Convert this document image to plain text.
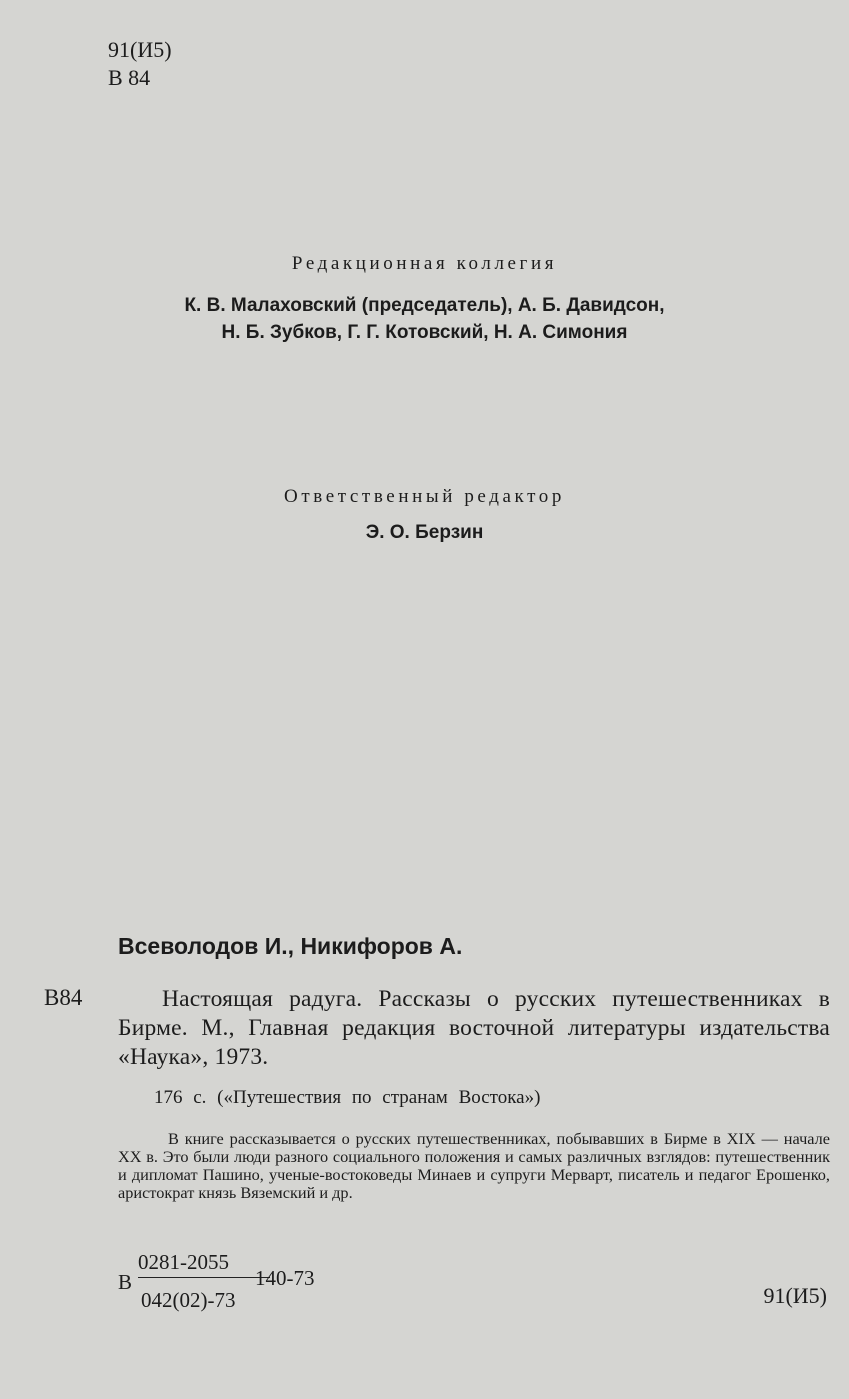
91(И5)
В 84
Редакционная коллегия
К. В. Малаховский (председатель), А. Б. Давидсон,
Н. Б. Зубков, Г. Г. Котовский, Н. А. Симония
Ответственный редактор
Э. О. Берзин
Всеволодов И., Никифоров А.
В84	Настоящая радуга. Рассказы о русских путешественниках в Бирме. М., Главная редакция восточной литературы издательства «Наука», 1973.
176 с. («Путешествия по странам Востока»)
В книге рассказывается о русских путешественниках, побывавших в Бирме в XIX — начале XX в. Это были люди разного социального положения и самых различных взглядов: путешественник и дипломат Пашино, ученые-востоковеды Минаев и супруги Мерварт, писатель и педагог Ерошенко, аристократ князь Вяземский и др.
В
0281-2055
042(02)-73
140-73
91(И5)
